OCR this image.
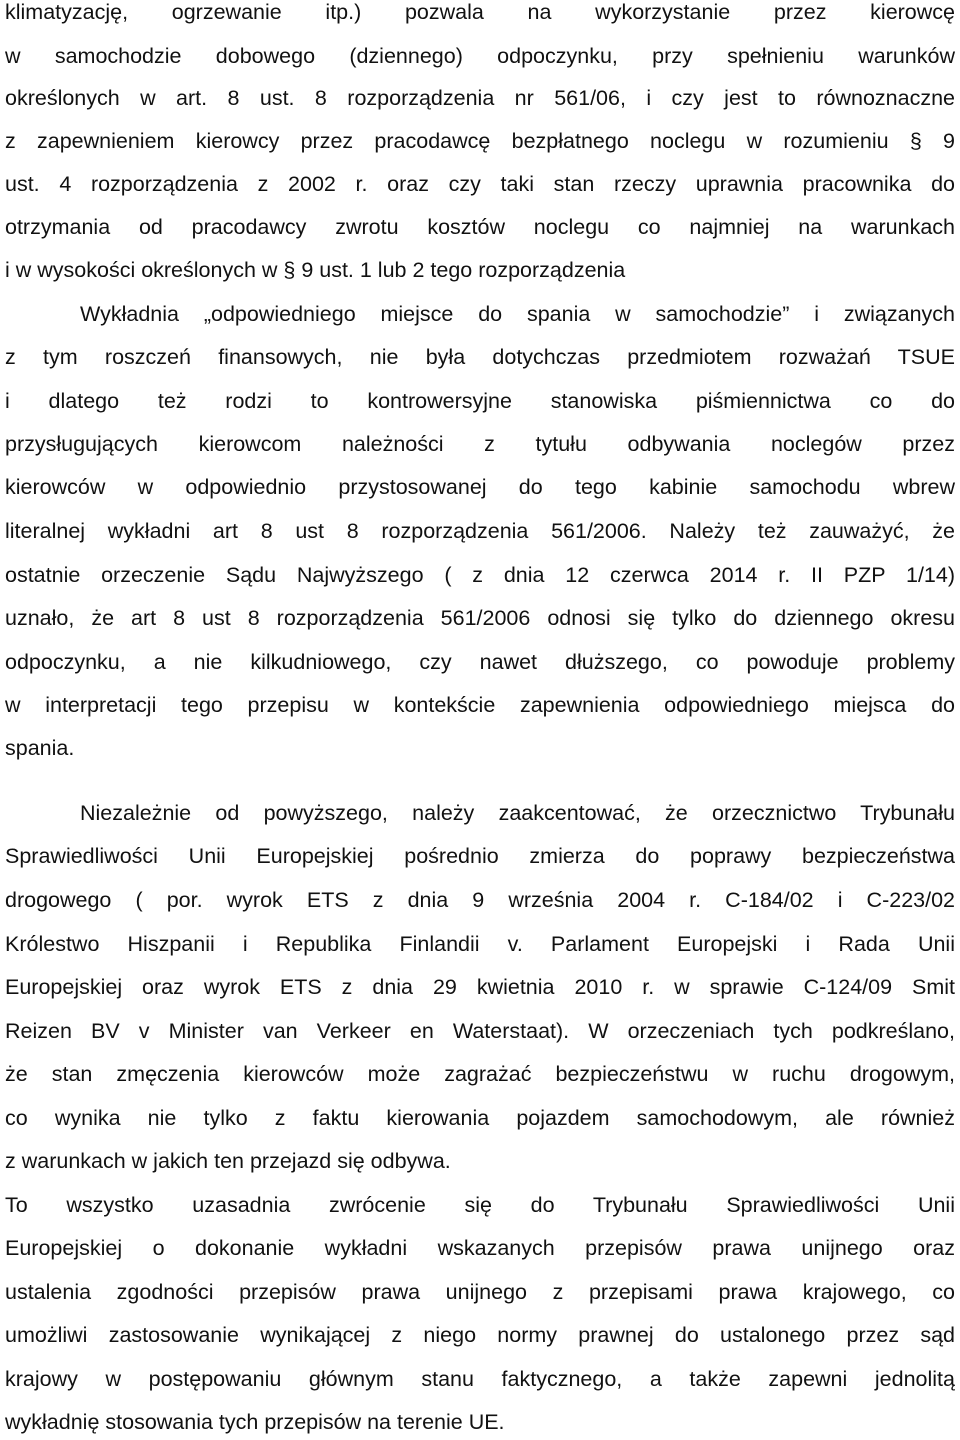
klimatyzację, ogrzewanie itp.) pozwala na wykorzystanie przez kierowcę
w samochodzie dobowego (dziennego) odpoczynku, przy spełnieniu warunków
określonych w art. 8 ust. 8 rozporządzenia nr 561/06, i czy jest to równoznaczne
z zapewnieniem kierowcy przez pracodawcę bezpłatnego noclegu w rozumieniu § 9
ust. 4 rozporządzenia z 2002 r. oraz czy taki stan rzeczy uprawnia pracownika do
otrzymania od pracodawcy zwrotu kosztów noclegu co najmniej na warunkach
i w wysokości określonych w § 9 ust. 1 lub 2 tego rozporządzenia
Wykładnia „odpowiedniego miejsce do spania w samochodzie” i związanych
z tym roszczeń finansowych, nie była dotychczas przedmiotem rozważań TSUE
i dlatego też rodzi to kontrowersyjne stanowiska piśmiennictwa co do
przysługujących kierowcom należności z tytułu odbywania noclegów przez
kierowców w odpowiednio przystosowanej do tego kabinie samochodu wbrew
literalnej wykładni art 8 ust 8 rozporządzenia 561/2006. Należy też zauważyć, że
ostatnie orzeczenie Sądu Najwyższego ( z dnia 12 czerwca 2014 r. II PZP 1/14)
uznało, że art 8 ust 8 rozporządzenia 561/2006 odnosi się tylko do dziennego okresu
odpoczynku, a nie kilkudniowego, czy nawet dłuższego, co powoduje problemy
w interpretacji tego przepisu w kontekście zapewnienia odpowiedniego miejsca do
spania.
Niezależnie od powyższego, należy zaakcentować, że orzecznictwo Trybunału
Sprawiedliwości Unii Europejskiej pośrednio zmierza do poprawy bezpieczeństwa
drogowego ( por. wyrok ETS z dnia 9 września 2004 r. C-184/02 i C-223/02
Królestwo Hiszpanii i Republika Finlandii v. Parlament Europejski i Rada Unii
Europejskiej oraz wyrok ETS z dnia 29 kwietnia 2010 r. w sprawie C-124/09 Smit
Reizen BV v Minister van Verkeer en Waterstaat). W orzeczeniach tych podkreślano,
że stan zmęczenia kierowców może zagrażać bezpieczeństwu w ruchu drogowym,
co wynika nie tylko z faktu kierowania pojazdem samochodowym, ale również
z warunkach w jakich ten przejazd się odbywa.
To wszystko uzasadnia zwrócenie się do Trybunału Sprawiedliwości Unii
Europejskiej o dokonanie wykładni wskazanych przepisów prawa unijnego oraz
ustalenia zgodności przepisów prawa unijnego z przepisami prawa krajowego, co
umożliwi zastosowanie wynikającej z niego normy prawnej do ustalonego przez sąd
krajowy w postępowaniu głównym stanu faktycznego, a także zapewni jednolitą
wykładnię stosowania tych przepisów na terenie UE.
